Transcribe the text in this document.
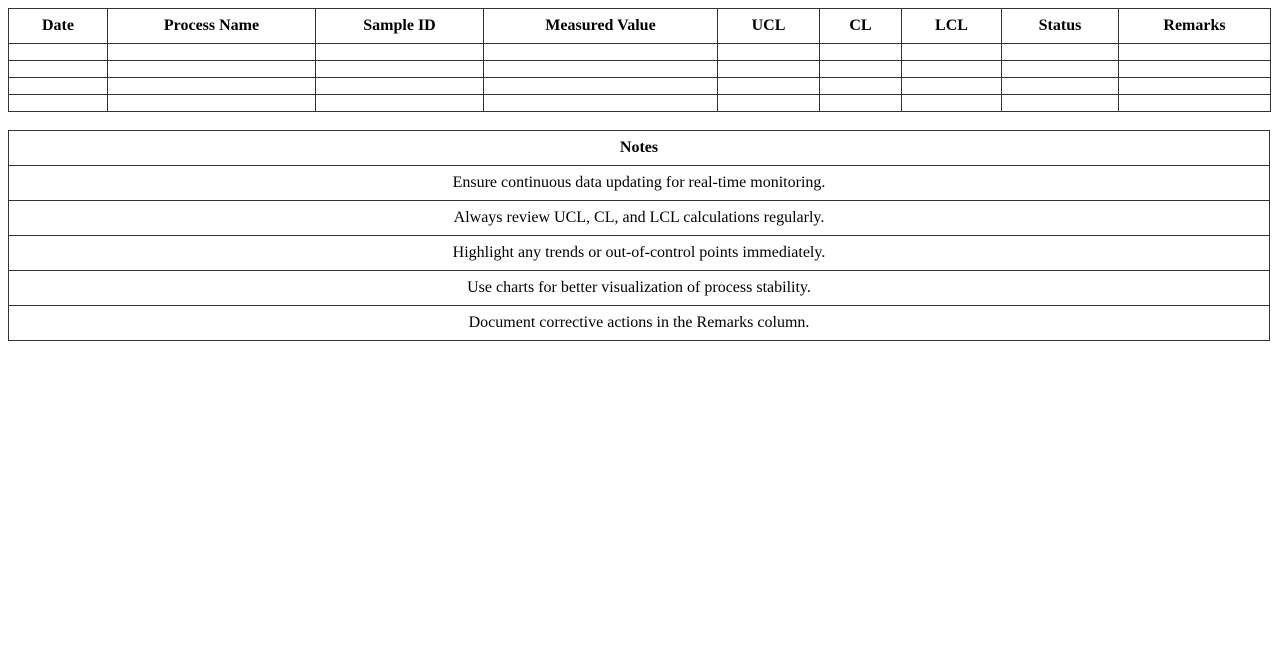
Date	Process Name	Sample ID	Measured Value	UCL	CL	LCL	Status	Remarks

Notes
Ensure continuous data updating for real-time monitoring.
Always review UCL, CL, and LCL calculations regularly.
Highlight any trends or out-of-control points immediately.
Use charts for better visualization of process stability.
Document corrective actions in the Remarks column.
